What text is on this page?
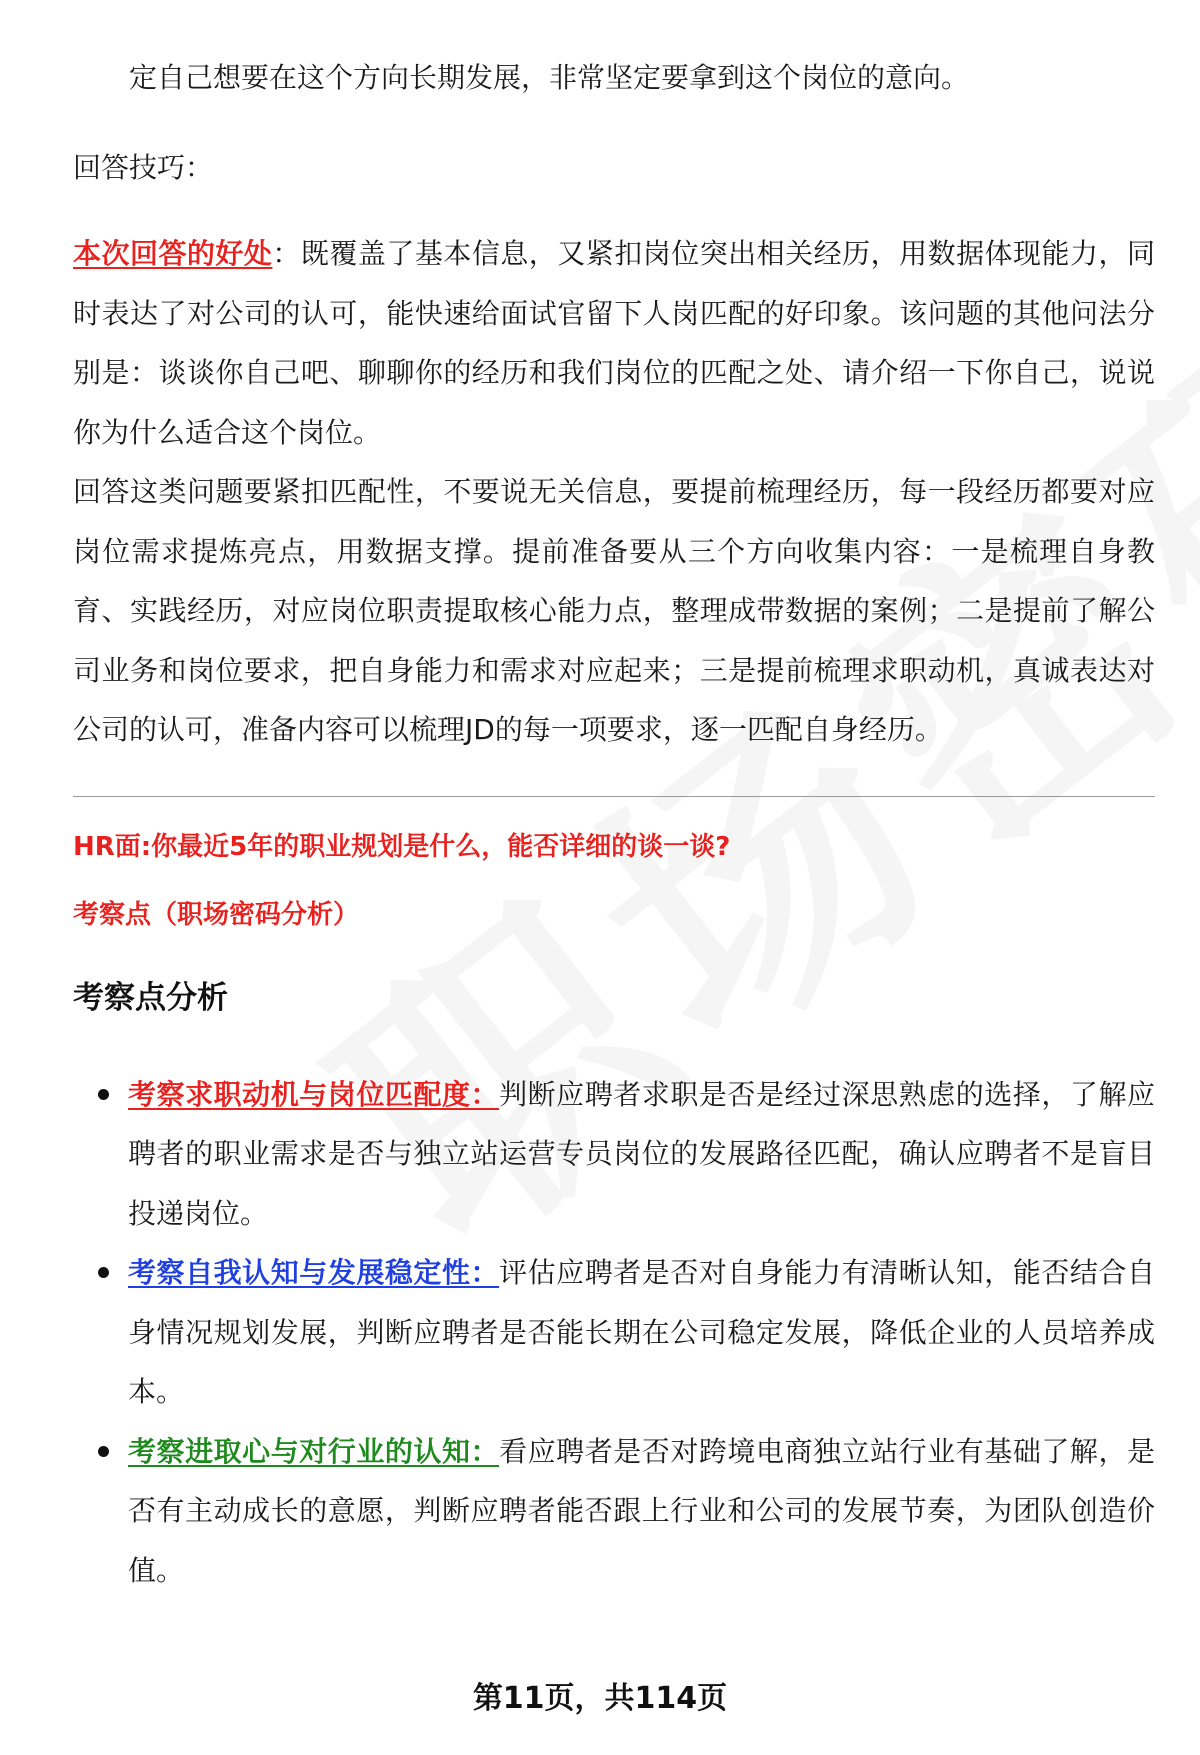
定自己想要在这个方向长期发展，非常坚定要拿到这个岗位的意向。

回答技巧：

本次回答的好处：既覆盖了基本信息，又紧扣岗位突出相关经历，用数据体现能力，同时表达了对公司的认可，能快速给面试官留下人岗匹配的好印象。该问题的其他问法分别是：谈谈你自己吧、聊聊你的经历和我们岗位的匹配之处、请介绍一下你自己，说说你为什么适合这个岗位。

回答这类问题要紧扣匹配性，不要说无关信息，要提前梳理经历，每一段经历都要对应岗位需求提炼亮点，用数据支撑。提前准备要从三个方向收集内容：一是梳理自身教育、实践经历，对应岗位职责提取核心能力点，整理成带数据的案例；二是提前了解公司业务和岗位要求，把自身能力和需求对应起来；三是提前梳理求职动机，真诚表达对公司的认可，准备内容可以梳理JD的每一项要求，逐一匹配自身经历。

HR面:你最近5年的职业规划是什么，能否详细的谈一谈?

考察点（职场密码分析）

考察点分析

考察求职动机与岗位匹配度：判断应聘者求职是否是经过深思熟虑的选择，了解应聘者的职业需求是否与独立站运营专员岗位的发展路径匹配，确认应聘者不是盲目投递岗位。
考察自我认知与发展稳定性：评估应聘者是否对自身能力有清晰认知，能否结合自身情况规划发展，判断应聘者是否能长期在公司稳定发展，降低企业的人员培养成本。
考察进取心与对行业的认知：看应聘者是否对跨境电商独立站行业有基础了解，是否有主动成长的意愿，判断应聘者能否跟上行业和公司的发展节奏，为团队创造价值。
第11页，共114页
